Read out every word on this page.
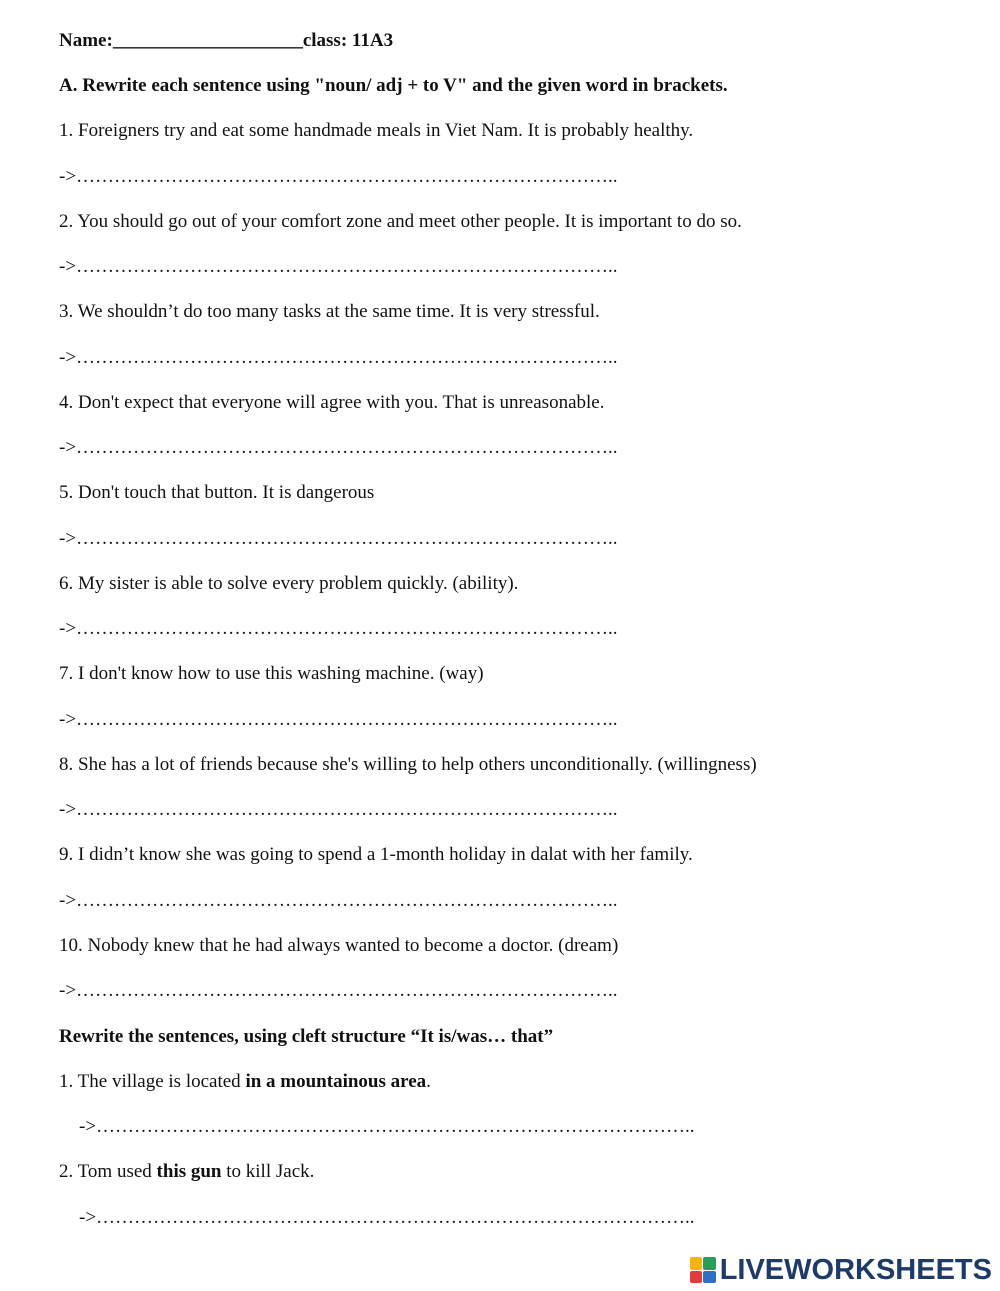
Name:____________________class: 11A3
A. Rewrite each sentence using "noun/ adj + to V" and the given word in brackets.
1. Foreigners try and eat some handmade meals in Viet Nam. It is probably healthy.
->…………………………………………………………………………..
2. You should go out of your comfort zone and meet other people. It is important to do so.
->…………………………………………………………………………..
3. We shouldn’t do too many tasks at the same time. It is very stressful.
->…………………………………………………………………………..
4. Don't expect that everyone will agree with you. That is unreasonable.
->…………………………………………………………………………..
5. Don't touch that button. It is dangerous
->…………………………………………………………………………..
6. My sister is able to solve every problem quickly. (ability).
->…………………………………………………………………………..
7. I don't know how to use this washing machine. (way)
->…………………………………………………………………………..
8. She has a lot of friends because she's willing to help others unconditionally. (willingness)
->…………………………………………………………………………..
9. I didn’t know she was going to spend a 1-month holiday in dalat with her family.
->…………………………………………………………………………..
10. Nobody knew that he had always wanted to become a doctor. (dream)
->…………………………………………………………………………..
Rewrite the sentences, using cleft structure “It is/was… that”
1. The village is located in a mountainous area.
->…………………………………………………………………………………..
2. Tom used this gun to kill Jack.
->…………………………………………………………………………………..
LIVEWORKSHEETS
